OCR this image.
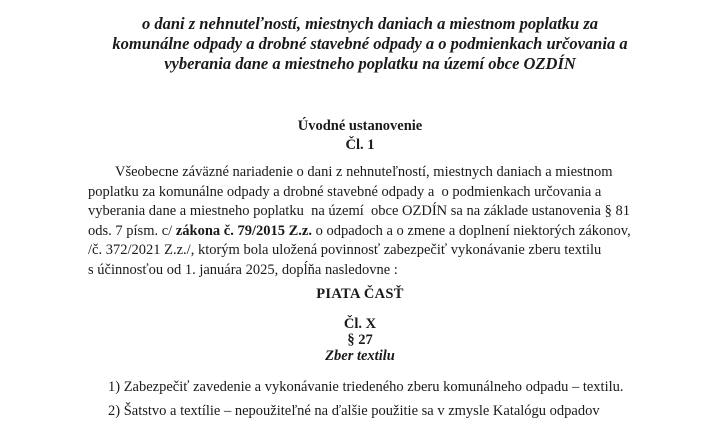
o dani z nehnuteľností, miestnych daniach a miestnom poplatku za
komunálne odpady a drobné stavebné odpady a o podmienkach určovania a
vyberania dane a miestneho poplatku na území obce OZDÍN
Úvodné ustanovenie
Čl. 1
Všeobecne záväzné nariadenie o dani z nehnuteľností, miestnych daniach a miestnom
poplatku za komunálne odpady a drobné stavebné odpady a  o podmienkach určovania a
vyberania dane a miestneho poplatku  na území  obce OZDÍN sa na základe ustanovenia § 81
ods. 7 písm. c/ zákona č. 79/2015 Z.z. o odpadoch a o zmene a doplnení niektorých zákonov,
/č. 372/2021 Z.z./, ktorým bola uložená povinnosť zabezpečiť vykonávanie zberu textilu
s účinnosťou od 1. januára 2025, dopĺňa nasledovne :
PIATA ČASŤ
Čl. X
§ 27
Zber textilu
1) Zabezpečiť zavedenie a vykonávanie triedeného zberu komunálneho odpadu – textilu.
2) Šatstvo a textílie – nepoužiteľné na ďalšie použitie sa v zmysle Katalógu odpadov
